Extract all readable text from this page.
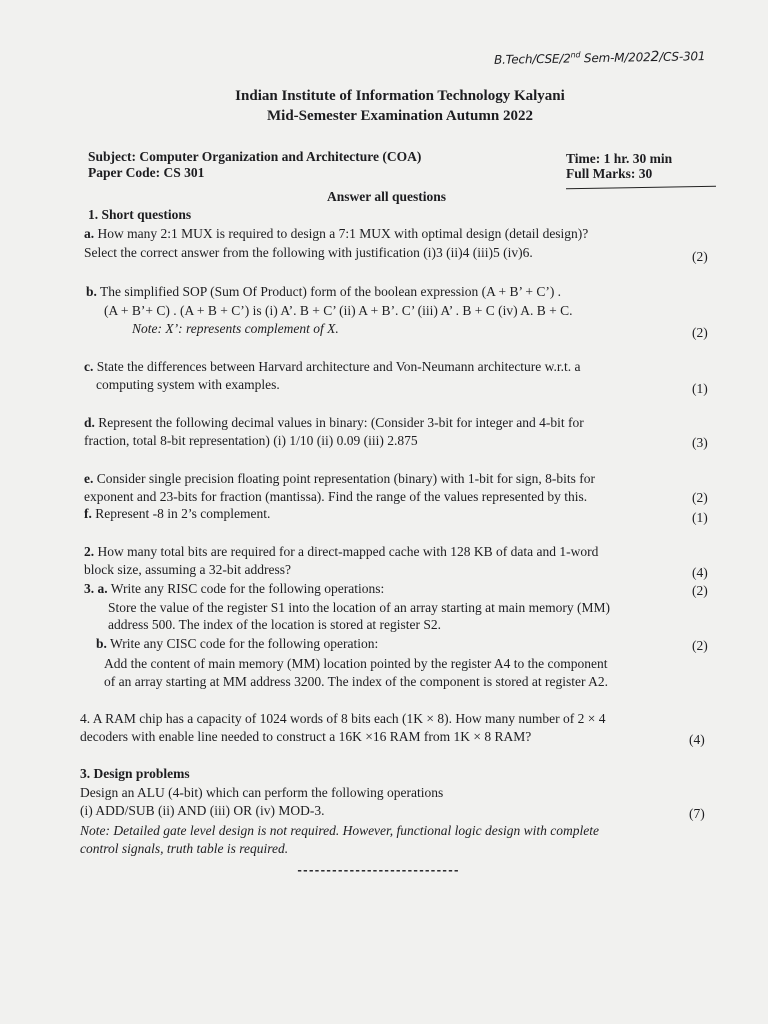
B.Tech/CSE/2nd Sem-M/2022/CS-301
Indian Institute of Information Technology Kalyani
Mid-Semester Examination Autumn 2022
Subject: Computer Organization and Architecture (COA)
Paper Code: CS 301
Time: 1 hr. 30 min
Full Marks: 30
Answer all questions
1. Short questions
a. How many 2:1 MUX is required to design a 7:1 MUX with optimal design (detail design)?
Select the correct answer from the following with justification (i)3 (ii)4 (iii)5 (iv)6.	(2)
b. The simplified SOP (Sum Of Product) form of the boolean expression (A + B’ + C’) .
(A + B’+ C) . (A + B + C’) is (i) A’. B + C’ (ii) A + B’. C’ (iii) A’ . B + C (iv) A. B + C.
Note: X’: represents complement of X.	(2)
c. State the differences between Harvard architecture and Von-Neumann architecture w.r.t. a
computing system with examples.	(1)
d. Represent the following decimal values in binary: (Consider 3-bit for integer and 4-bit for
fraction, total 8-bit representation) (i) 1/10 (ii) 0.09 (iii) 2.875	(3)
e. Consider single precision floating point representation (binary) with 1-bit for sign, 8-bits for
exponent and 23-bits for fraction (mantissa). Find the range of the values represented by this.	(2)
f. Represent -8 in 2’s complement.	(1)
2. How many total bits are required for a direct-mapped cache with 128 KB of data and 1-word
block size, assuming a 32-bit address?	(4)
3. a. Write any RISC code for the following operations:	(2)
Store the value of the register S1 into the location of an array starting at main memory (MM)
address 500. The index of the location is stored at register S2.
b. Write any CISC code for the following operation:	(2)
Add the content of main memory (MM) location pointed by the register A4 to the component
of an array starting at MM address 3200. The index of the component is stored at register A2.
4. A RAM chip has a capacity of 1024 words of 8 bits each (1K × 8). How many number of 2 × 4
decoders with enable line needed to construct a 16K ×16 RAM from 1K × 8 RAM?	(4)
3. Design problems
Design an ALU (4-bit) which can perform the following operations
(i) ADD/SUB (ii) AND (iii) OR (iv) MOD-3.	(7)
Note: Detailed gate level design is not required. However, functional logic design with complete
control signals, truth table is required.
----------------------------
